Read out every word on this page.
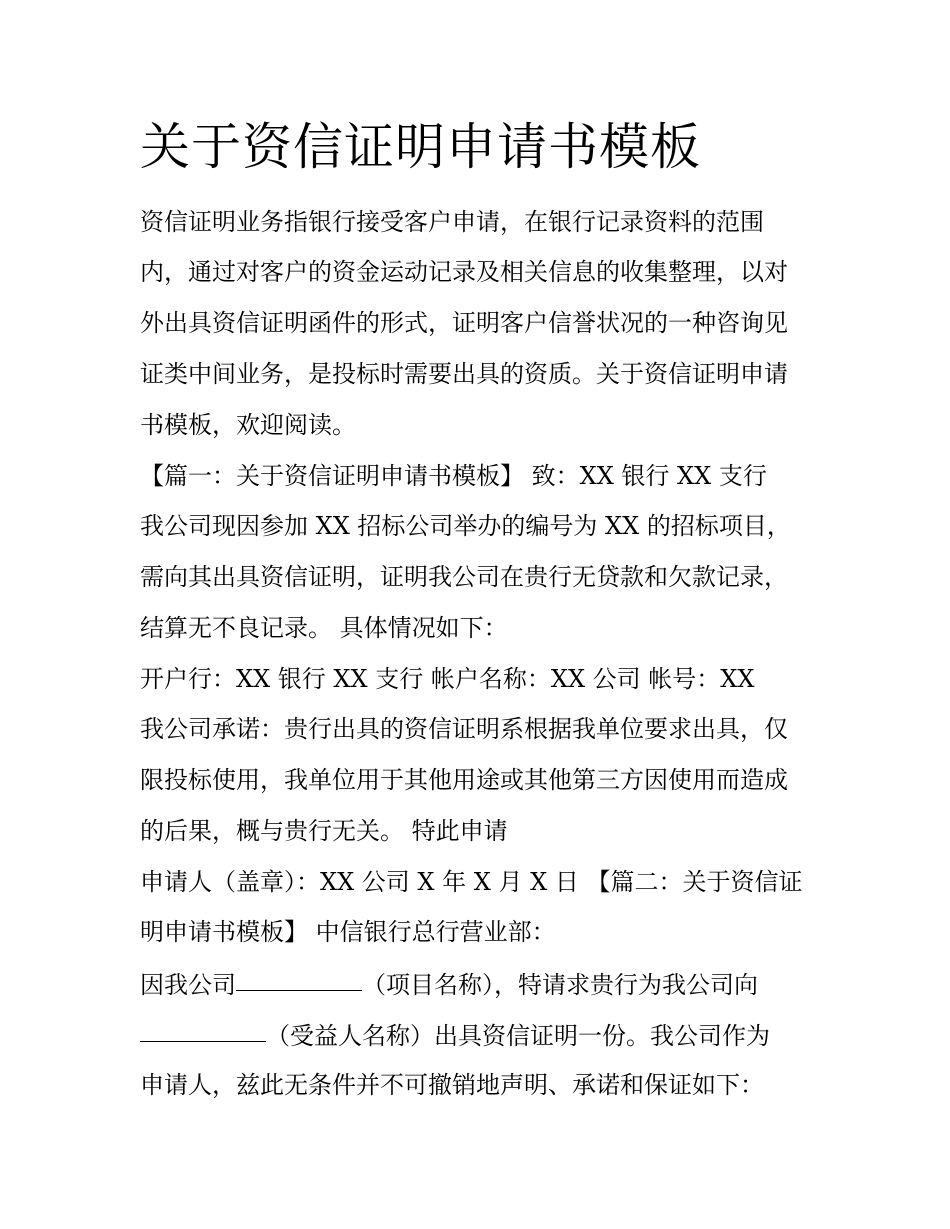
关于资信证明申请书模板

资信证明业务指银行接受客户申请，在银行记录资料的范围

内，通过对客户的资金运动记录及相关信息的收集整理，以对

外出具资信证明函件的形式，证明客户信誉状况的一种咨询见

证类中间业务，是投标时需要出具的资质。关于资信证明申请

书模板，欢迎阅读。

【篇一：关于资信证明申请书模板】 致：XX 银行 XX 支行

我公司现因参加 XX 招标公司举办的编号为 XX 的招标项目，

需向其出具资信证明，证明我公司在贵行无贷款和欠款记录，

结算无不良记录。 具体情况如下：

开户行：XX 银行 XX 支行 帐户名称：XX 公司 帐号：XX

我公司承诺：贵行出具的资信证明系根据我单位要求出具，仅

限投标使用，我单位用于其他用途或其他第三方因使用而造成

的后果，概与贵行无关。 特此申请

申请人（盖章）：XX 公司 X 年 X 月 X 日 【篇二：关于资信证

明申请书模板】 中信银行总行营业部：

因我公司	（项目名称），特请求贵行为我公司向

（受益人名称）出具资信证明一份。我公司作为

申请人，兹此无条件并不可撤销地声明、承诺和保证如下：
